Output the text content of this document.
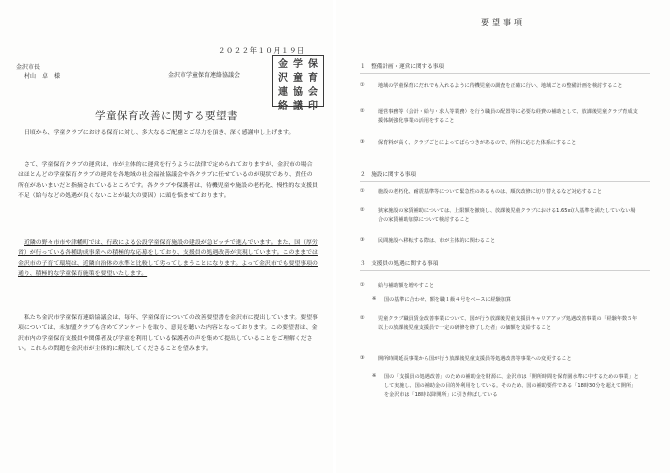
２０２２年１０月１９日
金沢市長
村山　卓　様	金沢市学童保育連絡協議会
金沢
学童
保育
連絡
協議
会印
学童保育改善に関する要望書

日頃から、学童クラブにおける保育に対し、多大なるご配慮とご尽力を頂き、深く感謝申し上げます。

さて、学童保育クラブの運営は、市が主体的に運営を行うように法律で定められておりますが、金沢市の場合はほとんどの学童保育クラブの運営を各地域の社会福祉協議会や各クラブに任せているのが現状であり、責任の所在があいまいだと指摘されているところです。各クラブや保護者は、待機児童や施設の老朽化、慢性的な支援員不足（給与などの処遇が良くないことが最大の要因）に頭を悩ませております。

近隣の野々市市や津幡町では、行政による公設学童保育施設の建設が急ピッチで進んでいます。また、国（厚労省）が行っている各種助成事業への積極的な応募をしており、支援員の処遇改善が実現しています。このままでは金沢市の子育て環境は、近隣自治体の水準と比較して劣ってしまうことになります。よって金沢市でも要望事項の通り、積極的な学童保育施策を要望いたします。

私たち金沢市学童保育連絡協議会は、毎年、学童保育についての改善要望書を金沢市に提出しています。要望事項については、未加盟クラブも含めてアンケートを取り、意見を聴いた内容となっております。この要望書は、金沢市内の学童保育支援員や関係者及び学童を利用している保護者の声を集めて提出していることをご理解ください。これらの問題を金沢市が主体的に解決してくださることを望みます。

要望事項
１　整備計画・運営に関する事項
①	地域の学童保育にだれでも入れるように待機児童の調査を正確に行い、地域ごとの整備計画を検討すること
②	運営事務等（会計・給与・求人等業務）を行う職員の配置等に必要な経費の補助として、放課後児童クラブ育成支援体制強化事業の活用をすること
③	保育料が高く、クラブごとによってばらつきがあるので、所得に応じた体系にすること
２　施設に関する事項
①	施設の老朽化、耐震基準等について緊急性のあるものは、順次改修に切り替えるなど対応すること
②	狭家施設の家賃補助については、上限額を撤廃し、放課後児童クラブにおける1.65㎡/人基準を満たしていない場合の家賃補助加算について検討すること
③	民間施設へ移転する際は、市が主体的に関わること
３　支援員の処遇に関する事項
①	給与補助額を増やすこと
※ 国の基準に合わせ、額を職１級４号をベースに経験加算
②	児童クラブ職員賃金改善事業について、国が行う放課後児童支援員キャリアアップ処遇改善事業の「経験年数５年以上の放課後児童支援員で一定の研修を修了した者」の価額を支給すること
③	開所時間延長事業から国が行う放課後児童支援員等処遇改善等事業への変更すること
※ 国の「支援員の処遇改善」のための補助金を財源に、金沢市は「開所時間を保育園水準に中するための事業」として実施し、国の補助金の目的外利用をしている。そのため、国の補助要件である「18時30分を超えて開所」を金沢市は「18時以降開所」に引き伸ばしている
